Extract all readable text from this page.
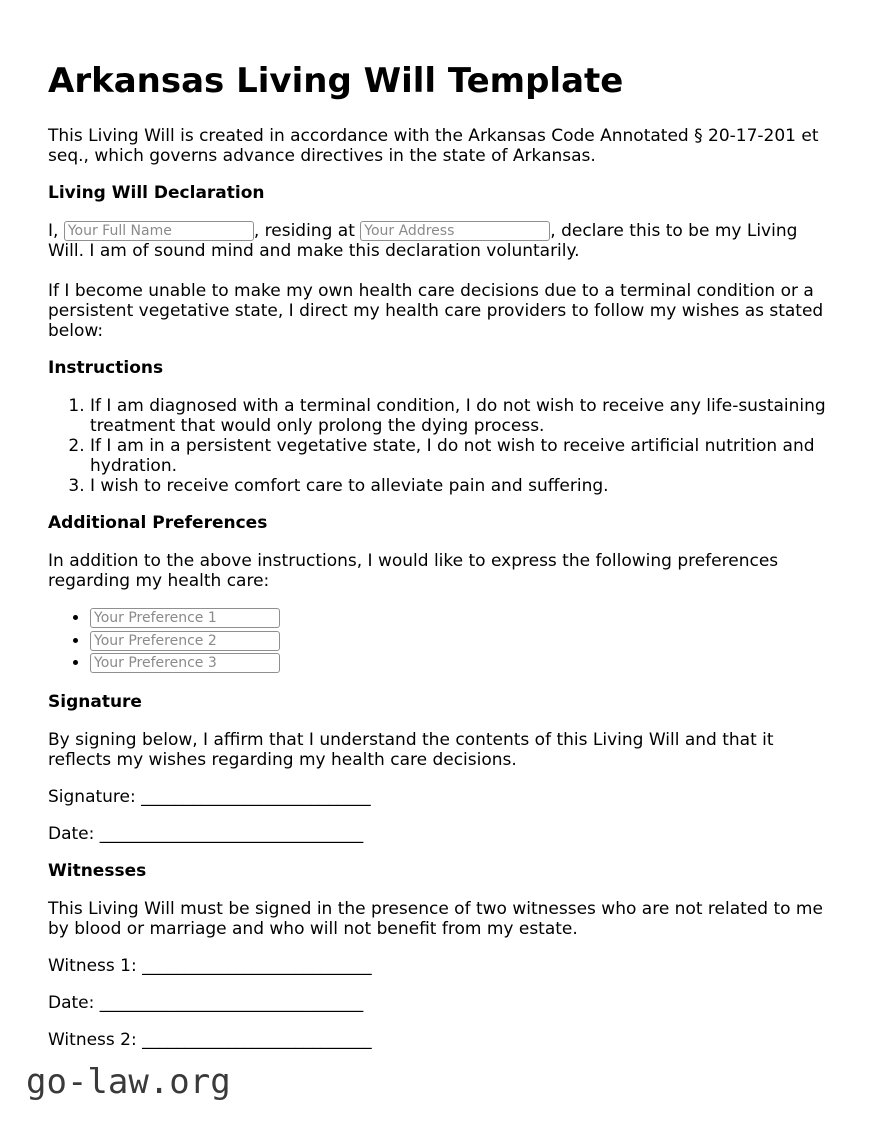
Arkansas Living Will Template

This Living Will is created in accordance with the Arkansas Code Annotated § 20-17-201 et seq., which governs advance directives in the state of Arkansas.

Living Will Declaration

I, Your Full Name	, residing at Your Address	, declare this to be my Living Will. I am of sound mind and make this declaration voluntarily.

If I become unable to make my own health care decisions due to a terminal condition or a persistent vegetative state, I direct my health care providers to follow my wishes as stated below:

Instructions
1. If I am diagnosed with a terminal condition, I do not wish to receive any life-sustaining treatment that would only prolong the dying process.
2. If I am in a persistent vegetative state, I do not wish to receive artificial nutrition and hydration.
3. I wish to receive comfort care to alleviate pain and suffering.
Additional Preferences

In addition to the above instructions, I would like to express the following preferences regarding my health care:

• Your Preference 1
• Your Preference 2
• Your Preference 3
Signature

By signing below, I affirm that I understand the contents of this Living Will and that it reflects my wishes regarding my health care decisions.

Signature: ___________________________

Date: _______________________________

Witnesses

This Living Will must be signed in the presence of two witnesses who are not related to me by blood or marriage and who will not benefit from my estate.

Witness 1: ___________________________

Date: _______________________________

Witness 2: ___________________________

go-law.org
